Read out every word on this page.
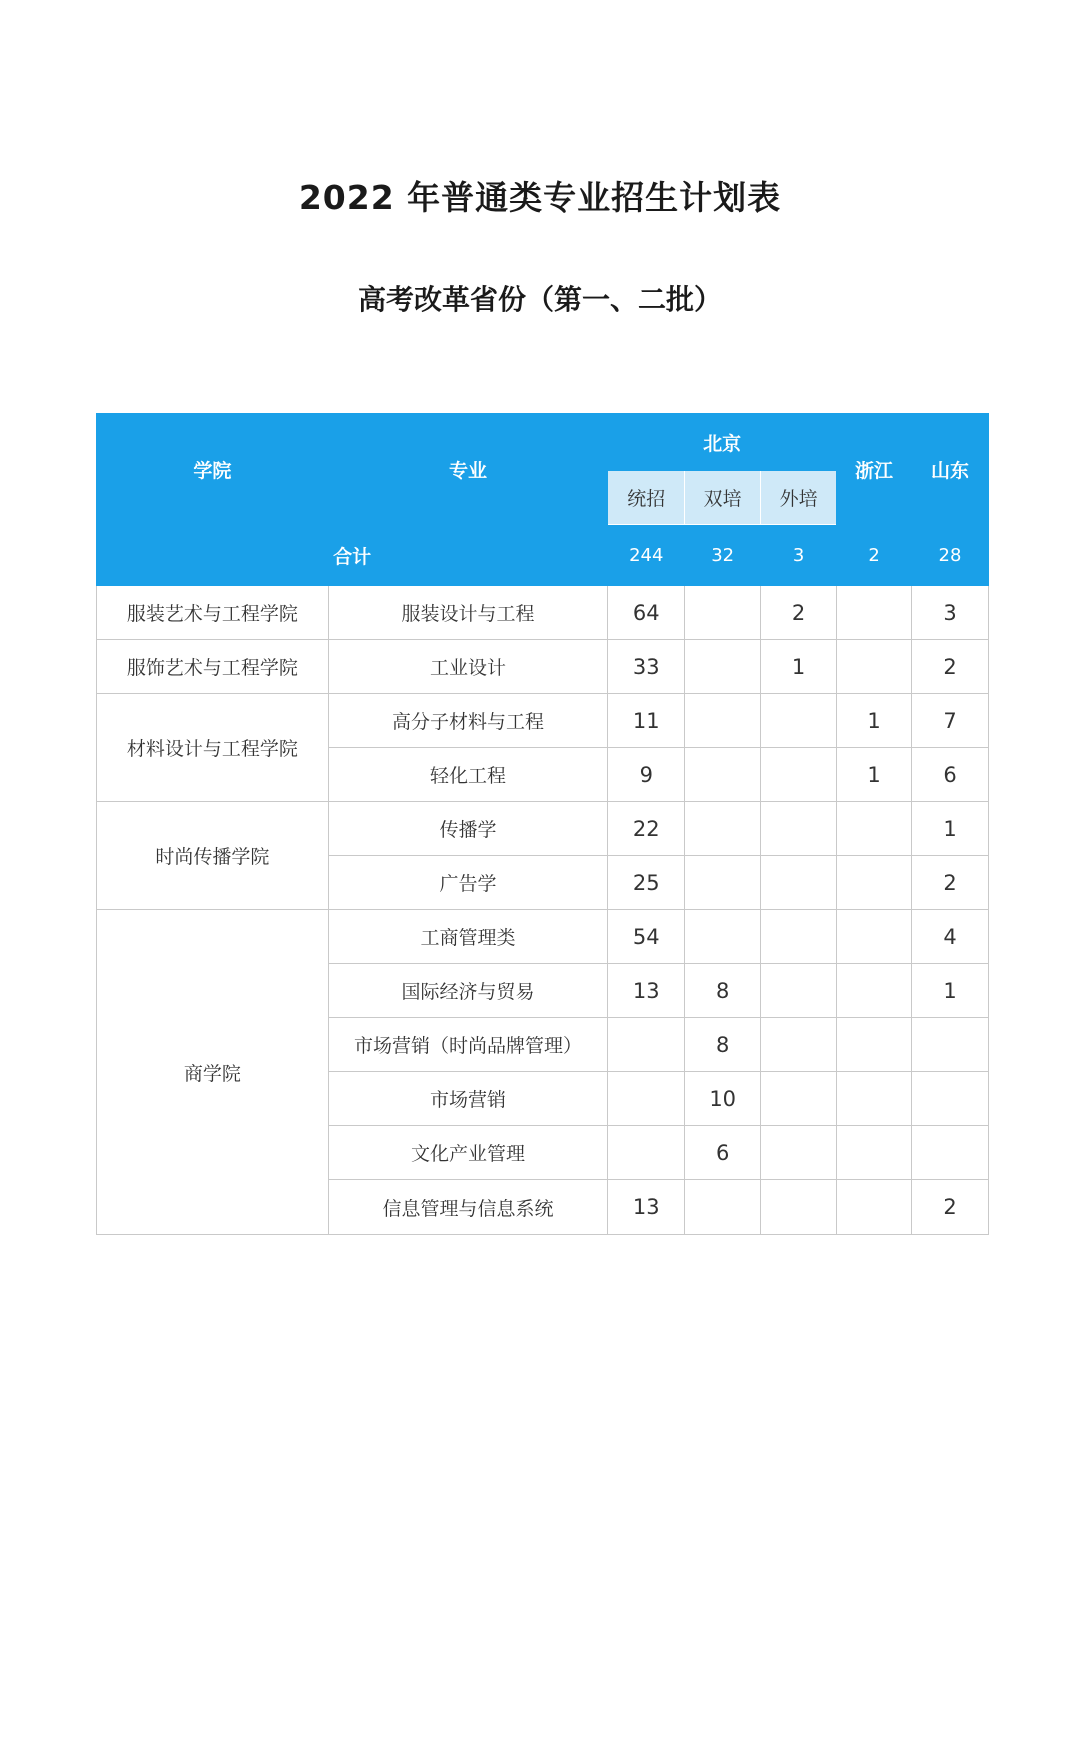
2022 年普通类专业招生计划表
高考改革省份（第一、二批）
学院	专业	北京			浙江	山东
		统招	双培	外培		
合计		244	32	3	2	28
服装艺术与工程学院	服装设计与工程	64		2		3
服饰艺术与工程学院	工业设计	33		1		2
材料设计与工程学院	高分子材料与工程	11			1	7
	轻化工程	9			1	6
时尚传播学院	传播学	22				1
	广告学	25				2
商学院	工商管理类	54				4
	国际经济与贸易	13	8			1
	市场营销（时尚品牌管理）		8			
	市场营销		10			
	文化产业管理		6			
	信息管理与信息系统	13				2
